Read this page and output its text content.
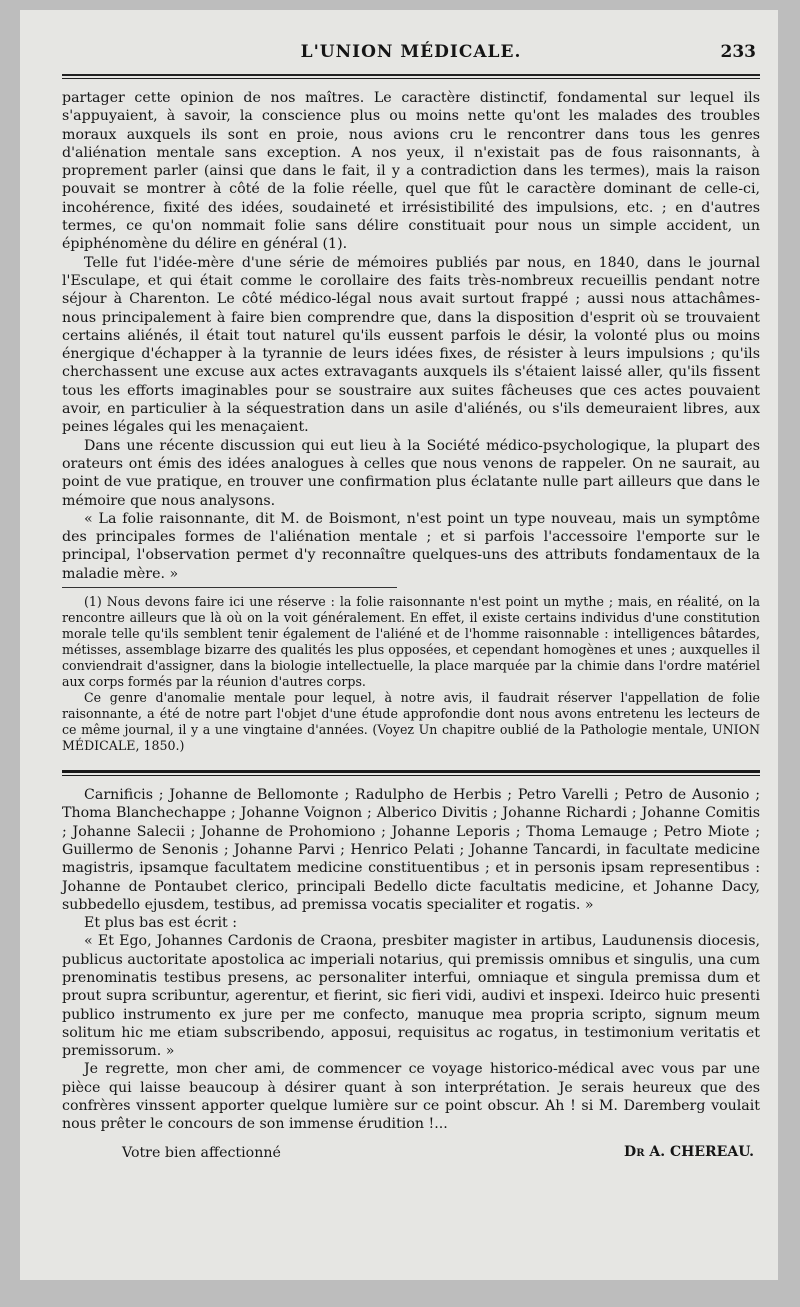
L'UNION MÉDICALE.	233

partager cette opinion de nos maîtres. Le caractère distinctif, fondamental sur lequel ils s'appuyaient, à savoir, la conscience plus ou moins nette qu'ont les malades des troubles moraux auxquels ils sont en proie, nous avions cru le rencontrer dans tous les genres d'aliénation mentale sans exception. A nos yeux, il n'existait pas de fous raisonnants, à proprement parler (ainsi que dans le fait, il y a contradiction dans les termes), mais la raison pouvait se montrer à côté de la folie réelle, quel que fût le caractère dominant de celle-ci, incohérence, fixité des idées, soudaineté et irrésistibilité des impulsions, etc. ; en d'autres termes, ce qu'on nommait folie sans délire constituait pour nous un simple accident, un épiphénomène du délire en général (1).

Telle fut l'idée-mère d'une série de mémoires publiés par nous, en 1840, dans le journal l'Esculape, et qui était comme le corollaire des faits très-nombreux recueillis pendant notre séjour à Charenton. Le côté médico-légal nous avait surtout frappé ; aussi nous attachâmes-nous principalement à faire bien comprendre que, dans la disposition d'esprit où se trouvaient certains aliénés, il était tout naturel qu'ils eussent parfois le désir, la volonté plus ou moins énergique d'échapper à la tyrannie de leurs idées fixes, de résister à leurs impulsions ; qu'ils cherchassent une excuse aux actes extravagants auxquels ils s'étaient laissé aller, qu'ils fissent tous les efforts imaginables pour se soustraire aux suites fâcheuses que ces actes pouvaient avoir, en particulier à la séquestration dans un asile d'aliénés, ou s'ils demeuraient libres, aux peines légales qui les menaçaient.

Dans une récente discussion qui eut lieu à la Société médico-psychologique, la plupart des orateurs ont émis des idées analogues à celles que nous venons de rappeler. On ne saurait, au point de vue pratique, en trouver une confirmation plus éclatante nulle part ailleurs que dans le mémoire que nous analysons.

« La folie raisonnante, dit M. de Boismont, n'est point un type nouveau, mais un symptôme des principales formes de l'aliénation mentale ; et si parfois l'accessoire l'emporte sur le principal, l'observation permet d'y reconnaître quelques-uns des attributs fondamentaux de la maladie mère. »

(1) Nous devons faire ici une réserve : la folie raisonnante n'est point un mythe ; mais, en réalité, on la rencontre ailleurs que là où on la voit généralement. En effet, il existe certains individus d'une constitution morale telle qu'ils semblent tenir également de l'aliéné et de l'homme raisonnable : intelligences bâtardes, métisses, assemblage bizarre des qualités les plus opposées, et cependant homogènes et unes ; auxquelles il conviendrait d'assigner, dans la biologie intellectuelle, la place marquée par la chimie dans l'ordre matériel aux corps formés par la réunion d'autres corps.

Ce genre d'anomalie mentale pour lequel, à notre avis, il faudrait réserver l'appellation de folie raisonnante, a été de notre part l'objet d'une étude approfondie dont nous avons entretenu les lecteurs de ce même journal, il y a une vingtaine d'années. (Voyez Un chapitre oublié de la Pathologie mentale, UNION MÉDICALE, 1850.)

Carnificis ; Johanne de Bellomonte ; Radulpho de Herbis ; Petro Varelli ; Petro de Ausonio ; Thoma Blanchechappe ; Johanne Voignon ; Alberico Divitis ; Johanne Richardi ; Johanne Comitis ; Johanne Salecii ; Johanne de Prohomiono ; Johanne Leporis ; Thoma Lemauge ; Petro Miote ; Guillermo de Senonis ; Johanne Parvi ; Henrico Pelati ; Johanne Tancardi, in facultate medicine magistris, ipsamque facultatem medicine constituentibus ; et in personis ipsam representibus : Johanne de Pontaubet clerico, principali Bedello dicte facultatis medicine, et Johanne Dacy, subbedello ejusdem, testibus, ad premissa vocatis specialiter et rogatis. »

Et plus bas est écrit :

« Et Ego, Johannes Cardonis de Craona, presbiter magister in artibus, Laudunensis diocesis, publicus auctoritate apostolica ac imperiali notarius, qui premissis omnibus et singulis, una cum prenominatis testibus presens, ac personaliter interfui, omniaque et singula premissa dum et prout supra scribuntur, agerentur, et fierint, sic fieri vidi, audivi et inspexi. Ideirco huic presenti publico instrumento ex jure per me confecto, manuque mea propria scripto, signum meum solitum hic me etiam subscribendo, apposui, requisitus ac rogatus, in testimonium veritatis et premissorum. »

Je regrette, mon cher ami, de commencer ce voyage historico-médical avec vous par une pièce qui laisse beaucoup à désirer quant à son interprétation. Je serais heureux que des confrères vinssent apporter quelque lumière sur ce point obscur. Ah ! si M. Daremberg voulait nous prêter le concours de son immense érudition !...

Votre bien affectionné	Dr A. CHEREAU.
